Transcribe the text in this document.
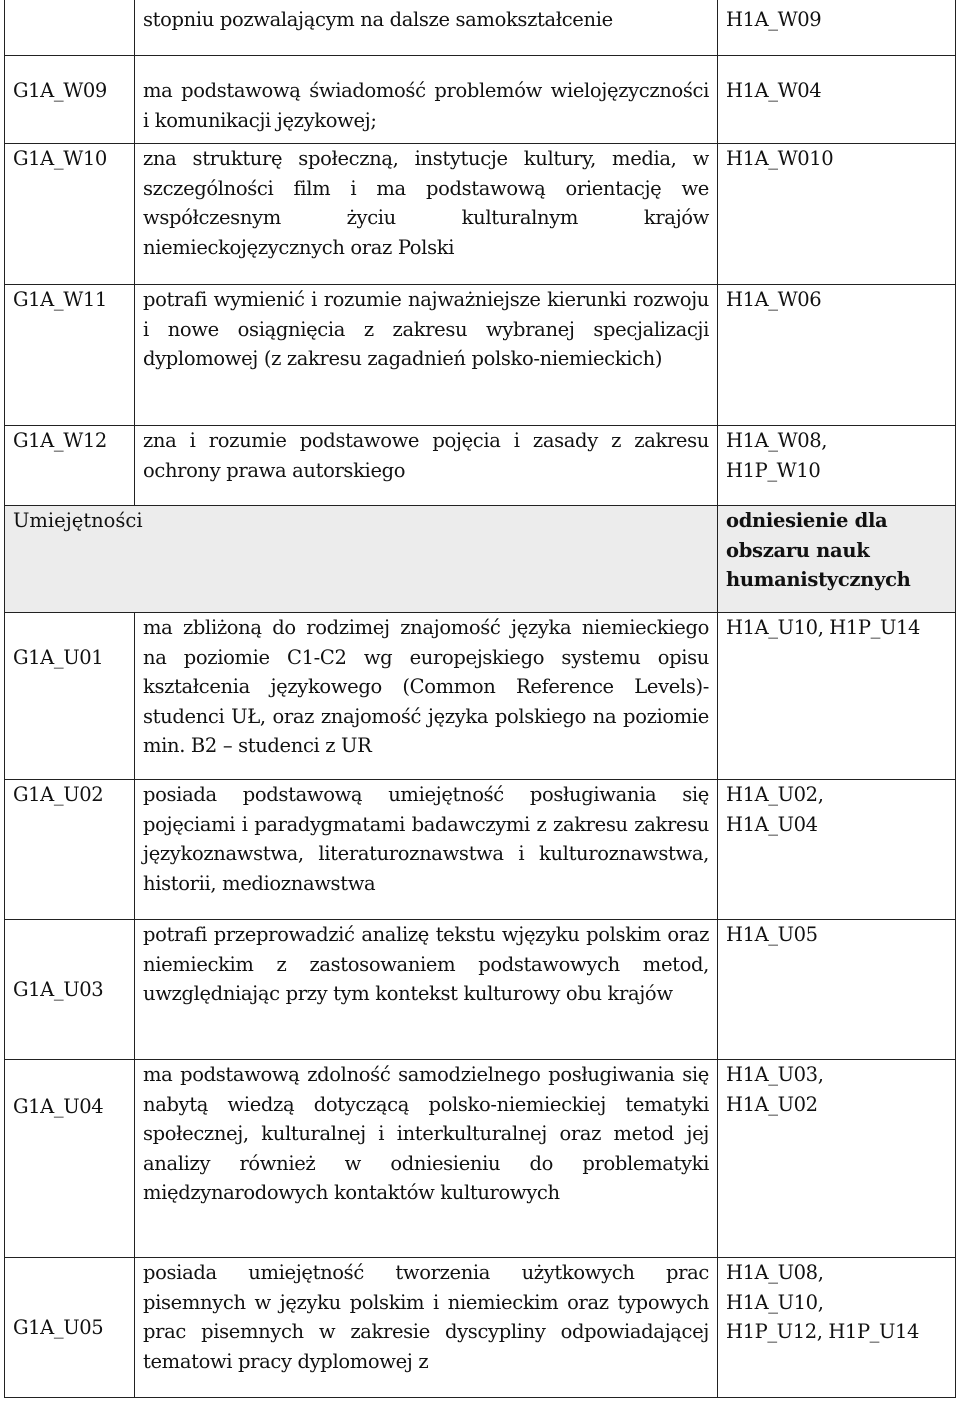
	stopniu pozwalającym na dalsze samokształcenie	H1A_W09
G1A_W09	ma podstawową świadomość problemów wielojęzyczności i komunikacji językowej;	H1A_W04
G1A_W10	zna strukturę społeczną, instytucje kultury, media, w szczególności film i ma podstawową orientację we współczesnym życiu kulturalnym krajów niemieckojęzycznych oraz Polski	H1A_W010
G1A_W11	potrafi wymienić i rozumie najważniejsze kierunki rozwoju i nowe osiągnięcia z zakresu wybranej specjalizacji dyplomowej (z zakresu zagadnień polsko-niemieckich)	H1A_W06
G1A_W12	zna i rozumie podstawowe pojęcia i zasady z zakresu ochrony prawa autorskiego	H1A_W08,
H1P_W10
Umiejętności		odniesienie dla
obszaru nauk
humanistycznych
G1A_U01	ma zbliżoną do rodzimej znajomość języka niemieckiego na poziomie C1-C2 wg europejskiego systemu opisu kształcenia językowego (Common Reference Levels)- studenci UŁ, oraz znajomość języka polskiego na poziomie min. B2 – studenci z UR	H1A_U10, H1P_U14
G1A_U02	posiada podstawową umiejętność posługiwania się pojęciami i paradygmatami badawczymi z zakresu zakresu językoznawstwa, literaturoznawstwa i kulturoznawstwa, historii, medioznawstwa	H1A_U02,
H1A_U04
G1A_U03	potrafi przeprowadzić analizę tekstu wjęzyku polskim oraz niemieckim z zastosowaniem podstawowych metod, uwzględniając przy tym kontekst kulturowy obu krajów	H1A_U05
G1A_U04	ma podstawową zdolność samodzielnego posługiwania się nabytą wiedzą dotyczącą polsko-niemieckiej tematyki społecznej, kulturalnej i interkulturalnej oraz metod jej analizy również w odniesieniu do problematyki międzynarodowych kontaktów kulturowych	H1A_U03,
H1A_U02
G1A_U05	posiada umiejętność tworzenia użytkowych prac pisemnych w języku polskim i niemieckim oraz typowych prac pisemnych w zakresie dyscypliny odpowiadającej tematowi pracy dyplomowej z	H1A_U08,
H1A_U10,
H1P_U12, H1P_U14
